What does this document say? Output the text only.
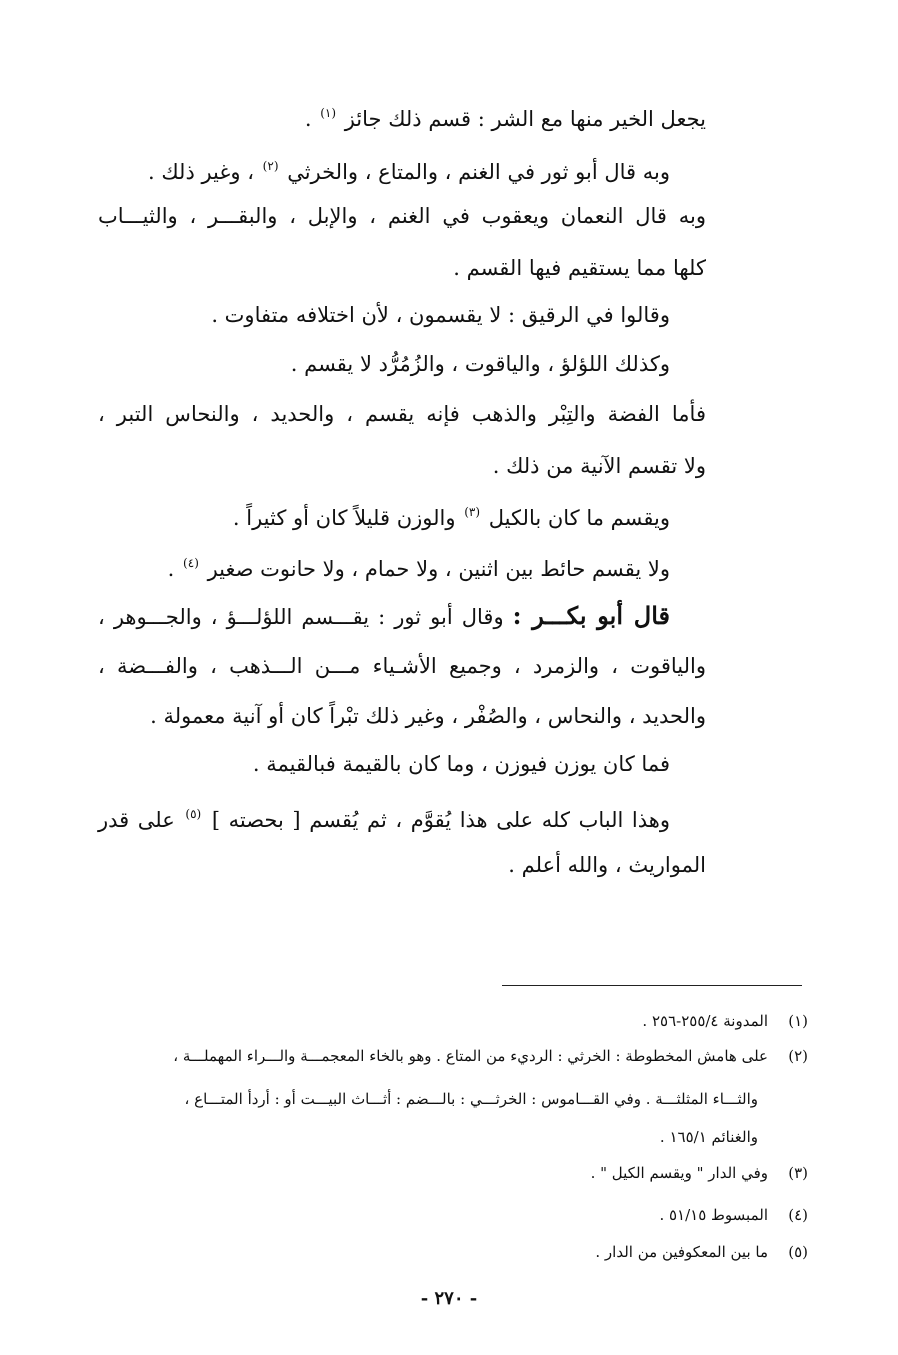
يجعل الخير منها مع الشر : قسم ذلك جائز $^{(١)}$ .
وبه قال أبو ثور في الغنم ، والمتاع ، والخرثي $^{(٢)}$ ، وغير ذلك .
وبه قال النعمان ويعقوب في الغنم ، والإبل ، والبقـــر ، والثيـــاب
كلها مما يستقيم فيها القسم .
وقالوا في الرقيق : لا يقسمون ، لأن اختلافه متفاوت .
وكذلك اللؤلؤ ، والياقوت ، والزُمُرُّد لا يقسم .
فأما الفضة والتِبْر والذهب فإنه يقسم ، والحديد ، والنحاس التبر ،
ولا تقسم الآنية من ذلك .
ويقسم ما كان بالكيل $^{(٣)}$ والوزن قليلاً كان أو كثيراً .
ولا يقسم حائط بين اثنين ، ولا حمام ، ولا حانوت صغير $^{(٤)}$ .
قال أبو بكـــر : وقال أبو ثور : يقـــسم اللؤلـــؤ ، والجـــوهر ،
والياقوت ، والزمرد ، وجميع الأشـياء مـــن الـــذهب ، والفـــضة ،
والحديد ، والنحاس ، والصُفْر ، وغير ذلك تبْراً كان أو آنية معمولة .
فما كان يوزن فيوزن ، وما كان بالقيمة فبالقيمة .
وهذا الباب كله على هذا يُقوَّم ، ثم يُقسم [ بحصته ] $^{(٥)}$ على قدر
المواريث ، والله أعلم .
(١)المدونة ٢٥٥/٤-٢٥٦ .
(٢)على هامش المخطوطة : الخرثي : الرديء من المتاع . وهو بالخاء المعجمـــة والـــراء المهملـــة ،
والثـــاء المثلثـــة . وفي القـــاموس : الخرثـــي : بالـــضم : أثـــاث البيـــت أو : أردأ المتـــاع ،
والغنائم ١٦٥/١ .
(٣)وفي الدار " ويقسم الكيل " .
(٤)المبسوط ٥١/١٥ .
(٥)ما بين المعكوفين من الدار .
- ٢٧٠ -
